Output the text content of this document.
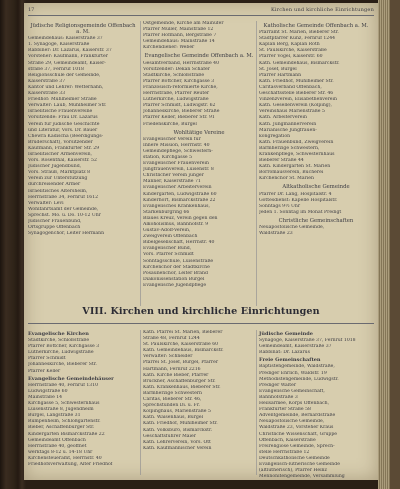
17	Kirchen und kirchliche Einrichtungen
Jüdische Religionsgemeinde Offenbach a. M.

Gemeindehaus: Kaiserstraße 37

1. Synagoge, Kaiserstraße

Rabbiner: Dr. Lazarus, Kaiserstr. 37

Vorsteher: Kaufmann, Frankfurter

Straße 29, Gemeindeamt, Kaiser-

straße 37, Fernruf 1018

Religionsschule der Gemeinde,

Kaiserstraße 37

Kantor und Lehrer: Wetterhahn,

Kaiserstraße 33

Friedhof: Mühlheimer Straße

Verwalter: Laub, Mühlheimer Str.

Israelitische Frauenvereine

Vorsitzende: Frau Dr. Lazarus

Verein für jüdische Geschichte

und Literatur, Vors. Dr. Bauer

Chewra Kadischa (Beerdigungs-

Bruderschaft), Vorsitzender

Kaufmann, Frankfurter Str. 29

Israelitischer Armenverein,

Vors. Rosenthal, Kaiserstr. 52

Jüdischer Jugendbund,

Vors. Strauß, Marktplatz 8

Verein zur Unterstützung

durchreisender Armer

Israelitisches Altersheim,

Herrnstraße 34, Fernruf 1612

Verwalter: Levi

Wohlfahrtsamt der Gemeinde,

Sprechst. Mo. u. Do. 10-12 Uhr

Jüdischer Frauenbund,

Ortsgruppe Offenbach

Synagogenchor, Leiter Hermann

Ostgemeinde, Kirche am Mainufer

Pfarrer Müller, Mainstraße 12

Pfarrer Hofmann, Bergstraße 7

Gemeindehaus: Mainstraße 14

Kirchendiener: Weber

Evangelische Gemeinde Offenbach a. M.

Gesamtverband, Herrnstraße 40

Vorsitzender: Dekan Schäfer

Stadtkirche, Schloßstraße

Pfarrer Böttcher, Kirchgasse 3

Französisch-reformierte Kirche,

Herrnstraße, Pfarrer Reuter

Lutherkirche, Ludwigstraße

Pfarrer Schmidt, Ludwigstr. 62

Johanneskirche, Bieberer Straße

Pfarrer Keller, Bieberer Str. 91

Friedenskirche, Bürgel

Wohltätige Vereine

Evangelischer Verein für

Innere Mission, Herrnstr. 40

Gemeindepflege, Schwestern-

station, Kirchgasse 5

Evangelischer Frauenverein

Jungfrauenverein, Luisenstr. 8

Christlicher Verein junger

Männer, Kaiserstraße 71

Evangelischer Arbeiterverein

Kindergarten, Ludwigstraße 60

Kinderhort, Bismarckstraße 22

Evangelisches Krankenhaus,

Starkenburgring 66

Blaues Kreuz, Verein gegen den

Alkoholismus, Bahnhofstr. 9

Gustav-Adolf-Verein,

Zweigverein Offenbach

Bibelgesellschaft, Herrnstr. 40

Evangelischer Bund,

Vors. Pfarrer Schmidt

Sonntagsschule, Luisenstraße

Kirchenchor der Stadtkirche

Posaunenchor, Leiter Brand

Diakonissenstation Bürgel

Evangelische Jugendpflege

Katholische Gemeinde Offenbach a. M.

Pfarramt St. Marien, Bieberer Str.

Stadtpfarrer Kunz, Fernruf 1244

Kaplan Berg, Kaplan Roth

St. Paulskirche, Kaiserstraße

Pfarrer Vogel, Kaiserstr. 60

Kath. Gemeindehaus, Bismarckstr.

St. Josef, Bürgel

Pfarrer Hartmann

Kath. Friedhof, Mühlheimer Str.

Caritasverband Offenbach,

Geschäftsstelle Bieberer Str. 46

Vinzenzverein, Elisabethenverein

Kath. Gesellenverein (Kolping),

Vereinshaus Marienstraße 5

Kath. Arbeiterverein

Kath. Jungmännerverein

Marianische Jungfrauen-

kongregation

Kath. Frauenbund, Zweigverein

Barmherzige Schwestern,

Krankenpflege, Schwesternhaus

Bieberer Straße 44

Kath. Kindergarten St. Marien

Borromäusverein, Bücherei

Kirchenchor St. Marien

Altkatholische Gemeinde

Pfarrer Dr. Lang, Hospitalstr. 4

Gottesdienst: Kapelle Hospitalstr.

Sonntags 9½ Uhr

Jeden 1. Sonntag im Monat Predigt

Christliche Gemeinschaften

Neuapostolische Gemeinde,

Waldstraße 23

VIII. Kirchen und kirchliche Einrichtungen
Evangelische Kirchen

Stadtkirche, Schloßstraße

Pfarrer Böttcher, Kirchgasse 3

Lutherkirche, Ludwigstraße

Pfarrer Schmidt

Johanneskirche, Bieberer Str.

Pfarrer Keller

Evangelische Gemeindehäuser

Herrnstraße 40, Fernruf 1310

Ludwigstraße 60

Mainstraße 14

Kirchgasse 5, Schwesternhaus

Luisenstraße 8, Jugendheim

Bürgel, Langstraße 31

Rumpenheim, Schloßgartenstr.

Bieber, Aschaffenburger Str.

Kindergarten Bismarckstraße 22

Gemeindeamt Offenbach

Herrnstraße 40, geöffnet

werktags 8-12 u. 14-18 Uhr

Kirchensteueramt, Herrnstr. 40

Friedhofsverwaltung, Alter Friedhof

Kath. Pfarrei St. Marien, Bieberer

Straße 48, Fernruf 1244

St. Paulskirche, Kaiserstraße 60

Kath. Gemeindehaus, Bismarckstr.

Verwalter: Schneider

Pfarrei St. Josef, Bürgel, Pfarrer

Hartmann, Fernruf 2216

Kath. Kirche Bieber, Pfarrer

Brückner, Aschaffenburger Str.

Kath. Krankenhaus, Bieberer Str.

Barmherzige Schwestern

Caritas, Bieberer Str. 46,

Sprechstunden Di. u. Fr.

Kolpinghaus, Marienstraße 5

Kath. Waisenhaus, Bürgel

Kath. Friedhof, Mühlheimer Str.

Kath. Volksbüro, Bismarckstr.

Geschäftsführer Maier

Kath. Lehrerverein, Vors. Ott

Kath. Kaufmännischer Verein

Jüdische Gemeinde

Synagoge, Kaiserstraße 37, Fernruf 1018

Gemeindeamt, Kaiserstraße 37

Rabbinat: Dr. Lazarus

Freie Gemeinschaften

Baptistengemeinde, Waldstraße,

Prediger Ehrlich, Waldstr. 19

Methodistengemeinde, Ludwigstr.

Prediger Walter

Evangelische Gemeinschaft,

Bahnhofstraße 3

Heilsarmee, Korps Offenbach,

Frankfurter Straße 58

Adventgemeinde, Bernardstraße

Neuapostolische Gemeinde,

Waldstraße 23, Vorsteher Kraus

Christliche Wissenschaft, Gruppe

Offenbach, Kaiserstraße

Freireligiöse Gemeinde, Sprech-

stelle Herrnstraße 12

Deutschkatholische Gemeinde

Evangelisch-lutherische Gemeinde

(altlutherisch), Pfarrer Heinz

Mennonitengemeinde, Versammlung
